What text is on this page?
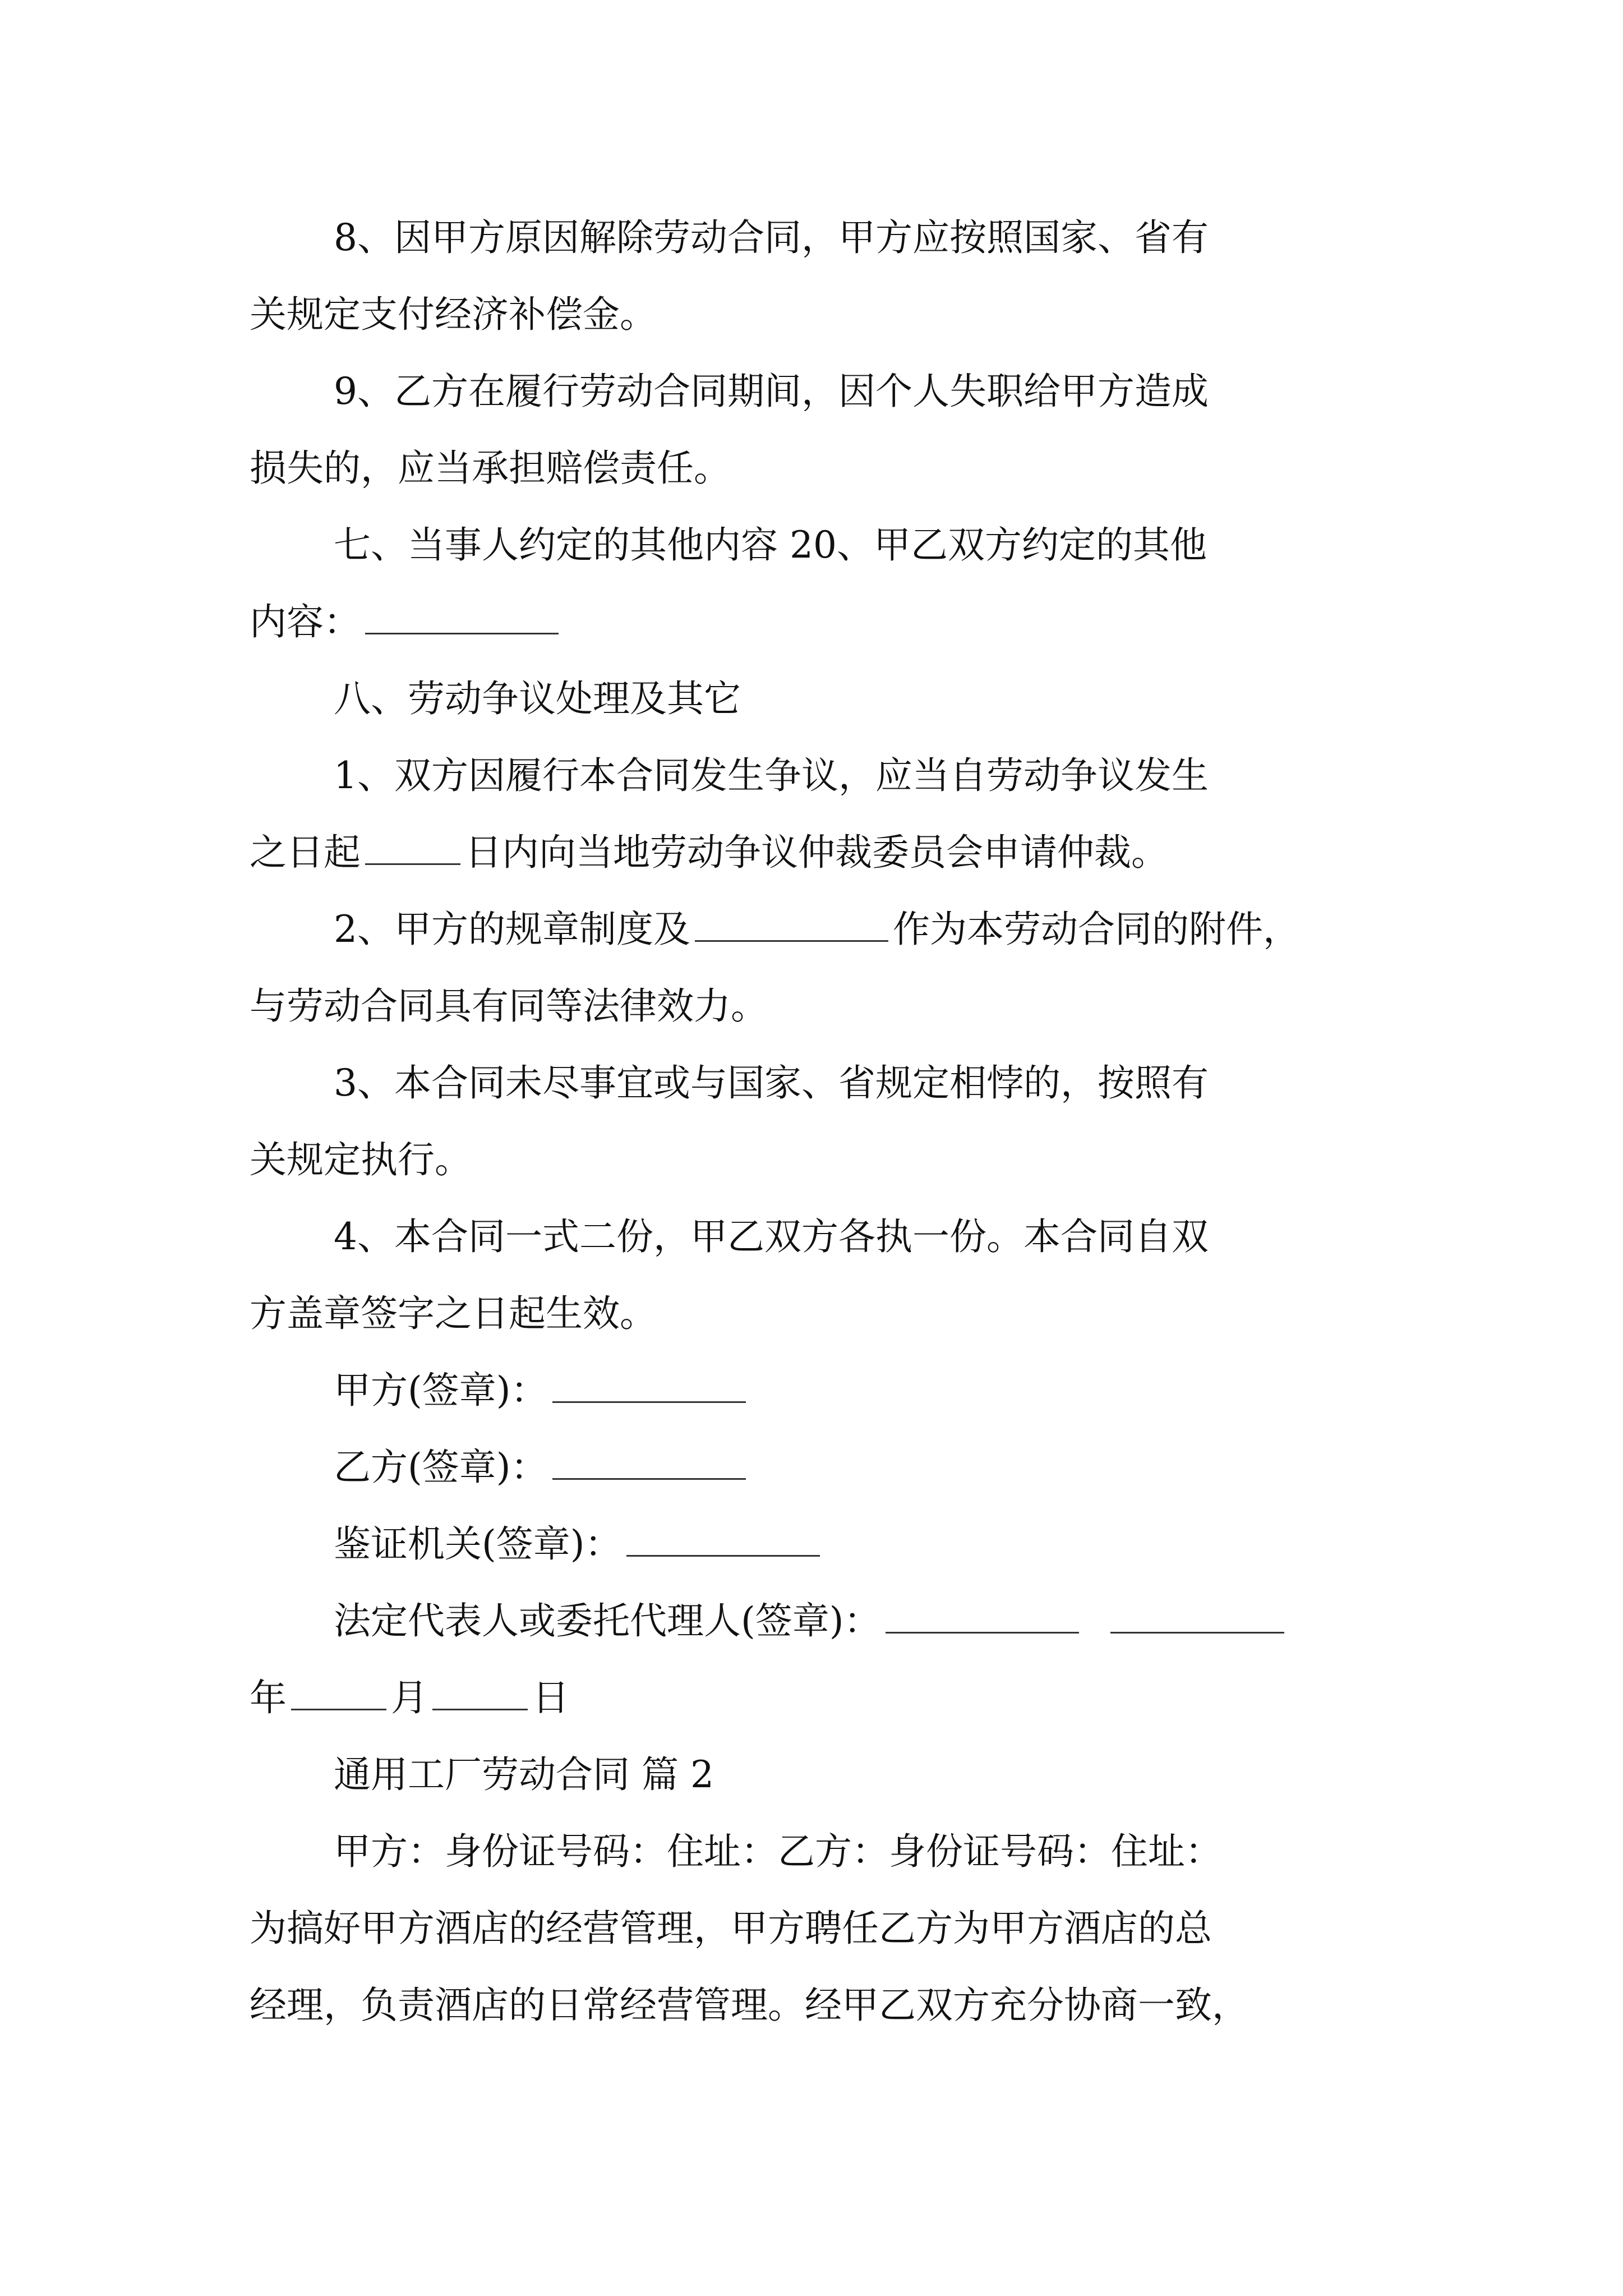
8、因甲方原因解除劳动合同，甲方应按照国家、省有
关规定支付经济补偿金。
9、乙方在履行劳动合同期间，因个人失职给甲方造成
损失的，应当承担赔偿责任。
七、当事人约定的其他内容 20、甲乙双方约定的其他
内容：
八、劳动争议处理及其它
1、双方因履行本合同发生争议，应当自劳动争议发生
之日起	日内向当地劳动争议仲裁委员会申请仲裁。
2、甲方的规章制度及	作为本劳动合同的附件，
与劳动合同具有同等法律效力。
3、本合同未尽事宜或与国家、省规定相悖的，按照有
关规定执行。
4、本合同一式二份，甲乙双方各执一份。本合同自双
方盖章签字之日起生效。
甲方(签章)：
乙方(签章)：
鉴证机关(签章)：
法定代表人或委托代理人(签章)：
年	月	日
通用工厂劳动合同 篇 2
甲方：身份证号码：住址：乙方：身份证号码：住址：
为搞好甲方酒店的经营管理，甲方聘任乙方为甲方酒店的总
经理，负责酒店的日常经营管理。经甲乙双方充分协商一致，
